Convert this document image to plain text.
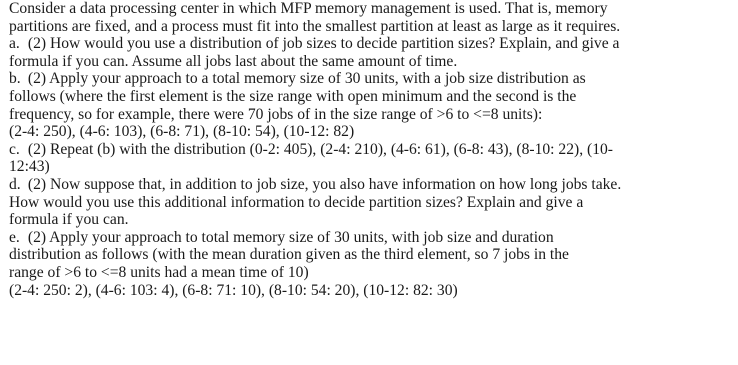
Consider a data processing center in which MFP memory management is used. That is, memory
partitions are fixed, and a process must fit into the smallest partition at least as large as it requires.

a. (2) How would you use a distribution of job sizes to decide partition sizes? Explain, and give a
formula if you can. Assume all jobs last about the same amount of time.
b. (2) Apply your approach to a total memory size of 30 units, with a job size distribution as
follows (where the first element is the size range with open minimum and the second is the
frequency, so for example, there were 70 jobs of in the size range of >6 to <=8 units):
(2-4: 250), (4-6: 103), (6-8: 71), (8-10: 54), (10-12: 82)
c. (2) Repeat (b) with the distribution (0-2: 405), (2-4: 210), (4-6: 61), (6-8: 43), (8-10: 22), (10-
12:43)
d. (2) Now suppose that, in addition to job size, you also have information on how long jobs take.
How would you use this additional information to decide partition sizes? Explain and give a
formula if you can.
e. (2) Apply your approach to total memory size of 30 units, with job size and duration
distribution as follows (with the mean duration given as the third element, so 7 jobs in the
range of >6 to <=8 units had a mean time of 10)
(2-4: 250: 2), (4-6: 103: 4), (6-8: 71: 10), (8-10: 54: 20), (10-12: 82: 30)
